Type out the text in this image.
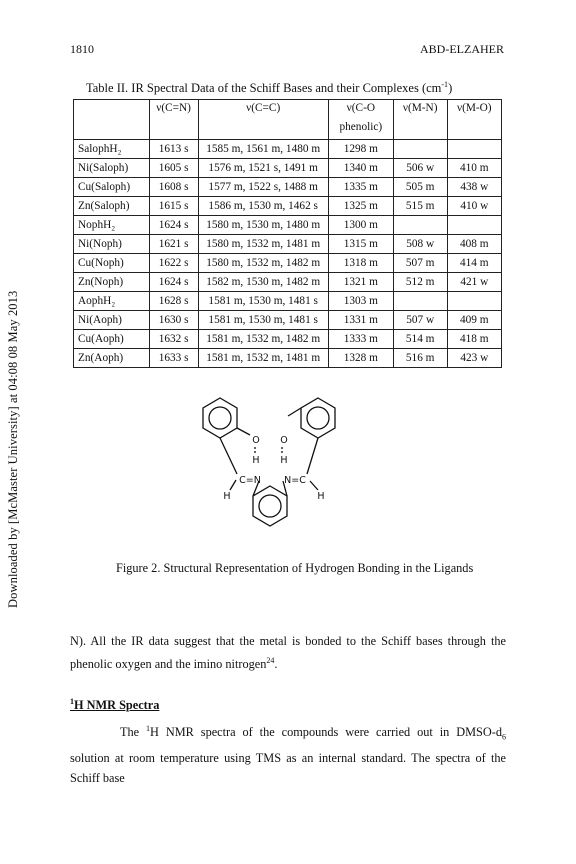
1810	ABD-ELZAHER
Downloaded by [McMaster University] at 04:08 08 May 2013
Table II. IR Spectral Data of the Schiff Bases and their Complexes $(cm^{-1})$
	ν(C=N)	ν(C=C)	ν(C-O	ν(M-N)	ν(M-O)
			phenolic)		
SalophH₂	1613 s	1585 m, 1561 m, 1480 m	1298 m		
Ni(Saloph)	1605 s	1576 m, 1521 s, 1491 m	1340 m	506 w	410 m
Cu(Saloph)	1608 s	1577 m, 1522 s, 1488 m	1335 m	505 m	438 w
Zn(Saloph)	1615 s	1586 m, 1530 m, 1462 s	1325 m	515 m	410 w
NophH₂	1624 s	1580 m, 1530 m, 1480 m	1300 m		
Ni(Noph)	1621 s	1580 m, 1532 m, 1481 m	1315 m	508 w	408 m
Cu(Noph)	1622 s	1580 m, 1532 m, 1482 m	1318 m	507 m	414 m
Zn(Noph)	1624 s	1582 m, 1530 m, 1482 m	1321 m	512 m	421 w
AophH₂	1628 s	1581 m, 1530 m, 1481 s	1303 m		
Ni(Aoph)	1630 s	1581 m, 1530 m, 1481 s	1331 m	507 w	409 m
Cu(Aoph)	1632 s	1581 m, 1532 m, 1482 m	1333 m	514 m	418 m
Zn(Aoph)	1633 s	1581 m, 1532 m, 1481 m	1328 m	516 m	423 w
O
H
C=N
H
O
H
N=C
H
Figure 2. Structural Representation of Hydrogen Bonding in the Ligands
N). All the IR data suggest that the metal is bonded to the Schiff bases through the phenolic oxygen and the imino nitrogen$^{24}$.
$^1$H NMR Spectra
The $^1$H NMR spectra of the compounds were carried out in DMSO-$d_6$ solution at room temperature using TMS as an internal standard. The spectra of the Schiff base
